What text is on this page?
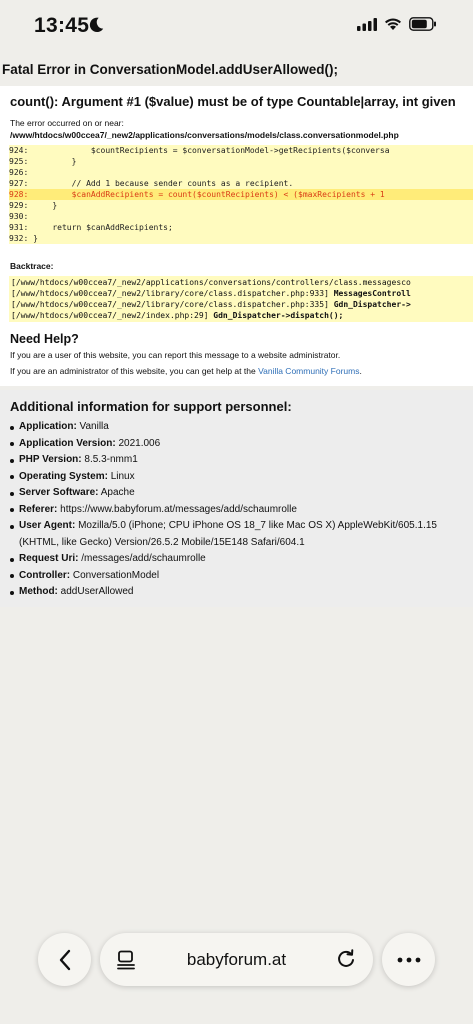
13:45
Fatal Error in ConversationModel.addUserAllowed();
count(): Argument #1 ($value) must be of type Countable|array, int given
The error occurred on or near:
/www/htdocs/w00ccea7/_new2/applications/conversations/models/class.conversationmodel.php
924:             $countRecipients = $conversationModel->getRecipients($conversa
925:         }
926:
927:         // Add 1 because sender counts as a recipient.
928:         $canAddRecipients = count($countRecipients) < ($maxRecipients + 1
929:     }
930:
931:     return $canAddRecipients;
932: }
Backtrace:
[/www/htdocs/w00ccea7/_new2/applications/conversations/controllers/class.messagesco
[/www/htdocs/w00ccea7/_new2/library/core/class.dispatcher.php:933] MessagesControll
[/www/htdocs/w00ccea7/_new2/library/core/class.dispatcher.php:335] Gdn_Dispatcher->
[/www/htdocs/w00ccea7/_new2/index.php:29] Gdn_Dispatcher->dispatch();
Need Help?
If you are a user of this website, you can report this message to a website administrator.
If you are an administrator of this website, you can get help at the Vanilla Community Forums.
Additional information for support personnel:
Application: Vanilla
Application Version: 2021.006
PHP Version: 8.5.3-nmm1
Operating System: Linux
Server Software: Apache
Referer: https://www.babyforum.at/messages/add/schaumrolle
User Agent: Mozilla/5.0 (iPhone; CPU iPhone OS 18_7 like Mac OS X) AppleWebKit/605.1.15 (KHTML, like Gecko) Version/26.5.2 Mobile/15E148 Safari/604.1
Request Uri: /messages/add/schaumrolle
Controller: ConversationModel
Method: addUserAllowed
babyforum.at
